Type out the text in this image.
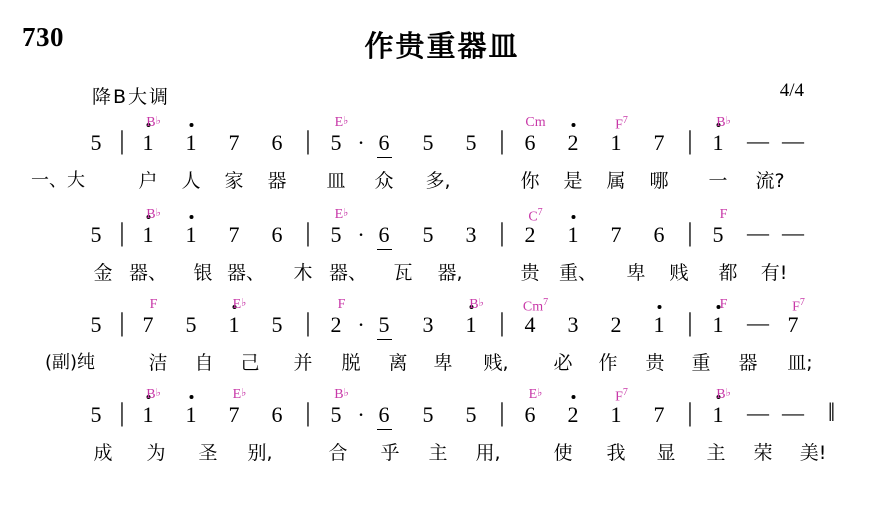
730	作贵重器皿
降B大调	4/4
5 | 1
B♭
1 7 6 | 5
E♭
· 6 5 5 | 6
Cm
2 1
$F^7$
7 | 1
B♭
— —
一、大	户 人 家 器 皿 众 多,	你 是 属 哪 一 流?
5 | 1
B♭
1 7 6 | 5
E♭
· 6 5 3 | 2
$C^7$
1 7 6 | 5
F
— —
金 器、 银 器、 木 器、 瓦 器,	贵 重、 卑 贱 都 有!
5 | 7
F
5 1
E♭
5 | 2
F
· 5 3 1
B♭
| 4
Cm$^7$
3 2 1 | 1
F
— 7
$F^7$
(副)纯	洁 自 己 并 脱 离 卑 贱, 必 作 贵 重 器 皿;
5 | 1
B♭
1 7
E♭
6 | 5
B♭
· 6 5 5 | 6
E♭
2 1
$F^7$
7 | 1
B♭
— — ‖
成 为 圣 别,	合 乎 主 用,	使 我 显 主 荣 美!
